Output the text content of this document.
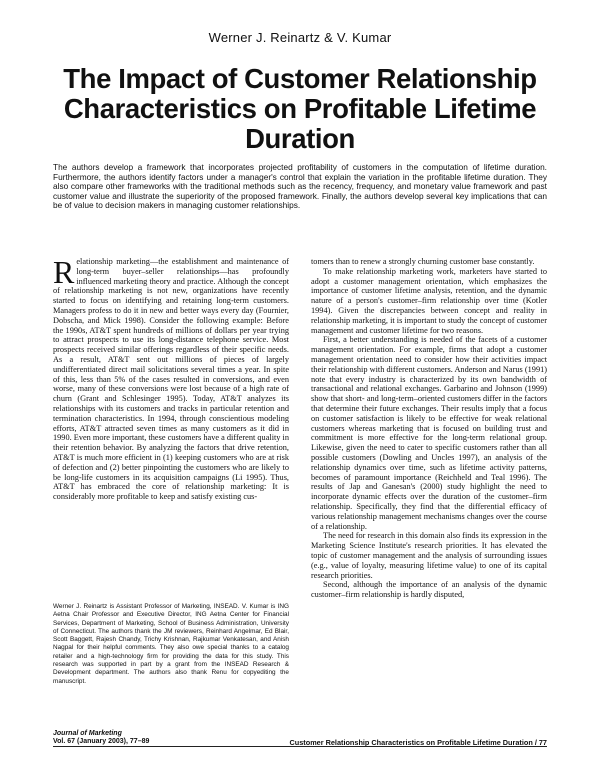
Werner J. Reinartz & V. Kumar
The Impact of Customer Relationship Characteristics on Profitable Lifetime Duration

The authors develop a framework that incorporates projected profitability of customers in the computation of lifetime duration. Furthermore, the authors identify factors under a manager's control that explain the variation in the profitable lifetime duration. They also compare other frameworks with the traditional methods such as the recency, frequency, and monetary value framework and past customer value and illustrate the superiority of the proposed framework. Finally, the authors develop several key implications that can be of value to decision makers in managing customer relationships.

Relationship marketing—the establishment and maintenance of long-term buyer–seller relationships—has profoundly influenced marketing theory and practice. Although the concept of relationship marketing is not new, organizations have recently started to focus on identifying and retaining long-term customers. Managers profess to do it in new and better ways every day (Fournier, Dobscha, and Mick 1998). Consider the following example: Before the 1990s, AT&T spent hundreds of millions of dollars per year trying to attract prospects to use its long-distance telephone service. Most prospects received similar offerings regardless of their specific needs. As a result, AT&T sent out millions of pieces of largely undifferentiated direct mail solicitations several times a year. In spite of this, less than 5% of the cases resulted in conversions, and even worse, many of these conversions were lost because of a high rate of churn (Grant and Schlesinger 1995). Today, AT&T analyzes its relationships with its customers and tracks in particular retention and termination characteristics. In 1994, through conscientious modeling efforts, AT&T attracted seven times as many customers as it did in 1990. Even more important, these customers have a different quality in their retention behavior. By analyzing the factors that drive retention, AT&T is much more efficient in (1) keeping customers who are at risk of defection and (2) better pinpointing the customers who are likely to be long-life customers in its acquisition campaigns (Li 1995). Thus, AT&T has embraced the core of relationship marketing: It is considerably more profitable to keep and satisfy existing cus-

tomers than to renew a strongly churning customer base constantly.

To make relationship marketing work, marketers have started to adopt a customer management orientation, which emphasizes the importance of customer lifetime analysis, retention, and the dynamic nature of a person's customer–firm relationship over time (Kotler 1994). Given the discrepancies between concept and reality in relationship marketing, it is important to study the concept of customer management and customer lifetime for two reasons.

First, a better understanding is needed of the facets of a customer management orientation. For example, firms that adopt a customer management orientation need to consider how their activities impact their relationship with different customers. Anderson and Narus (1991) note that every industry is characterized by its own bandwidth of transactional and relational exchanges. Garbarino and Johnson (1999) show that short- and long-term–oriented customers differ in the factors that determine their future exchanges. Their results imply that a focus on customer satisfaction is likely to be effective for weak relational customers whereas marketing that is focused on building trust and commitment is more effective for the long-term relational group. Likewise, given the need to cater to specific customers rather than all possible customers (Dowling and Uncles 1997), an analysis of the relationship dynamics over time, such as lifetime activity patterns, becomes of paramount importance (Reichheld and Teal 1996). The results of Jap and Ganesan's (2000) study highlight the need to incorporate dynamic effects over the duration of the customer–firm relationship. Specifically, they find that the differential efficacy of various relationship management mechanisms changes over the course of a relationship.

The need for research in this domain also finds its expression in the Marketing Science Institute's research priorities. It has elevated the topic of customer management and the analysis of surrounding issues (e.g., value of loyalty, measuring lifetime value) to one of its capital research priorities.

Second, although the importance of an analysis of the dynamic customer–firm relationship is hardly disputed,

Werner J. Reinartz is Assistant Professor of Marketing, INSEAD. V. Kumar is ING Aetna Chair Professor and Executive Director, ING Aetna Center for Financial Services, Department of Marketing, School of Business Administration, University of Connecticut. The authors thank the JM reviewers, Reinhard Angelmar, Ed Blair, Scott Baggett, Rajesh Chandy, Trichy Krishnan, Rajkumar Venkatesan, and Anish Nagpal for their helpful comments. They also owe special thanks to a catalog retailer and a high-technology firm for providing the data for this study. This research was supported in part by a grant from the INSEAD Research & Development department. The authors also thank Renu for copyediting the manuscript.

Journal of Marketing
Vol. 67 (January 2003), 77–89	Customer Relationship Characteristics on Profitable Lifetime Duration / 77
